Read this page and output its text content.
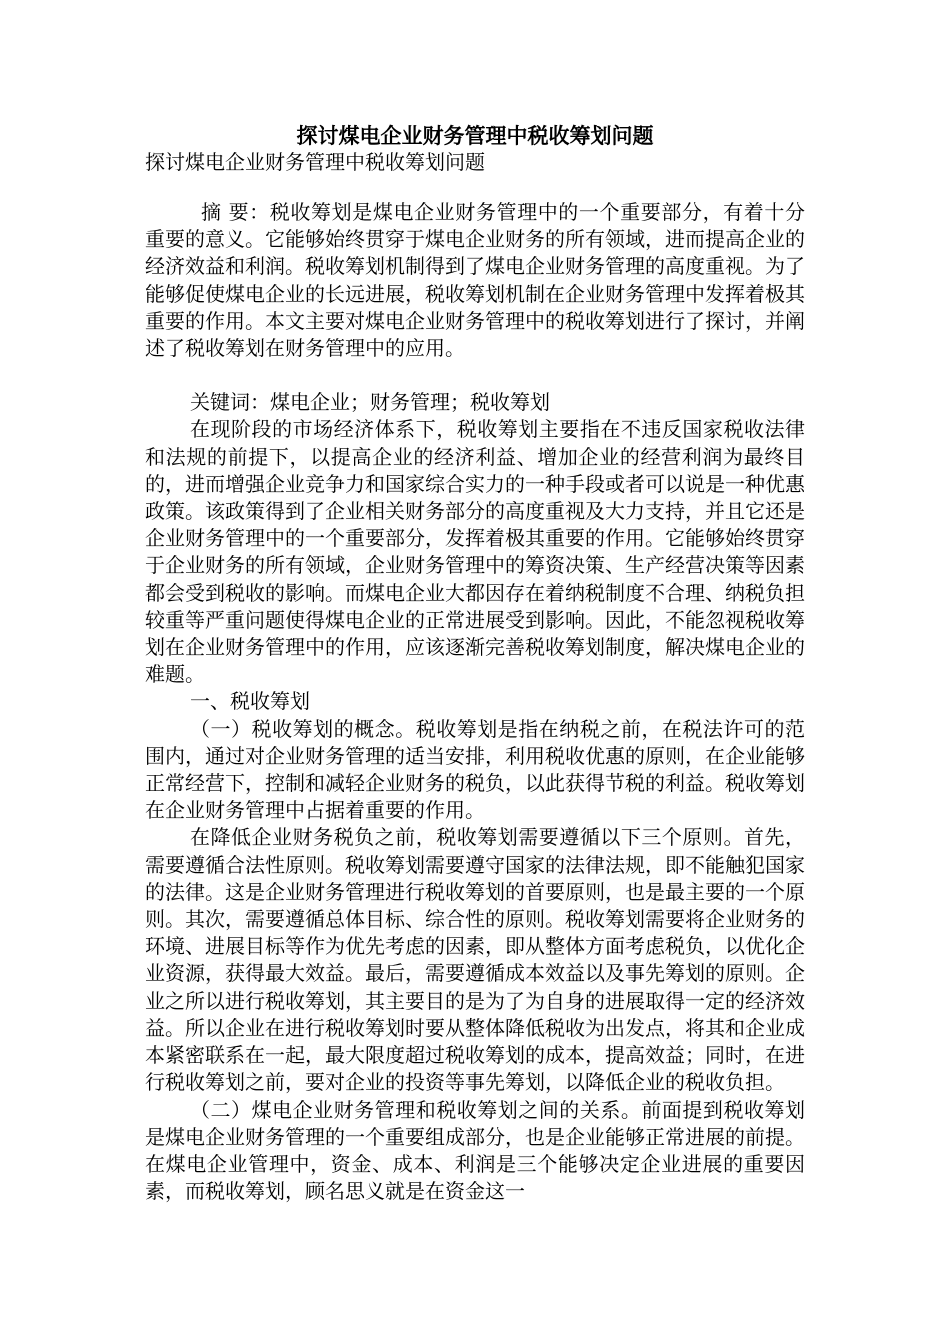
探讨煤电企业财务管理中税收筹划问题
探讨煤电企业财务管理中税收筹划问题

摘 要：税收筹划是煤电企业财务管理中的一个重要部分，有着十分重要的意义。它能够始终贯穿于煤电企业财务的所有领域，进而提高企业的经济效益和利润。税收筹划机制得到了煤电企业财务管理的高度重视。为了能够促使煤电企业的长远进展，税收筹划机制在企业财务管理中发挥着极其重要的作用。本文主要对煤电企业财务管理中的税收筹划进行了探讨，并阐述了税收筹划在财务管理中的应用。

关键词：煤电企业；财务管理；税收筹划

在现阶段的市场经济体系下，税收筹划主要指在不违反国家税收法律和法规的前提下，以提高企业的经济利益、增加企业的经营利润为最终目的，进而增强企业竞争力和国家综合实力的一种手段或者可以说是一种优惠政策。该政策得到了企业相关财务部分的高度重视及大力支持，并且它还是企业财务管理中的一个重要部分，发挥着极其重要的作用。它能够始终贯穿于企业财务的所有领域，企业财务管理中的筹资决策、生产经营决策等因素都会受到税收的影响。而煤电企业大都因存在着纳税制度不合理、纳税负担较重等严重问题使得煤电企业的正常进展受到影响。因此，不能忽视税收筹划在企业财务管理中的作用，应该逐渐完善税收筹划制度，解决煤电企业的难题。

一、税收筹划

（一）税收筹划的概念。税收筹划是指在纳税之前，在税法许可的范围内，通过对企业财务管理的适当安排，利用税收优惠的原则，在企业能够正常经营下，控制和减轻企业财务的税负，以此获得节税的利益。税收筹划在企业财务管理中占据着重要的作用。

在降低企业财务税负之前，税收筹划需要遵循以下三个原则。首先，需要遵循合法性原则。税收筹划需要遵守国家的法律法规，即不能触犯国家的法律。这是企业财务管理进行税收筹划的首要原则，也是最主要的一个原则。其次，需要遵循总体目标、综合性的原则。税收筹划需要将企业财务的环境、进展目标等作为优先考虑的因素，即从整体方面考虑税负，以优化企业资源，获得最大效益。最后，需要遵循成本效益以及事先筹划的原则。企业之所以进行税收筹划，其主要目的是为了为自身的进展取得一定的经济效益。所以企业在进行税收筹划时要从整体降低税收为出发点，将其和企业成本紧密联系在一起，最大限度超过税收筹划的成本，提高效益；同时，在进行税收筹划之前，要对企业的投资等事先筹划，以降低企业的税收负担。

（二）煤电企业财务管理和税收筹划之间的关系。前面提到税收筹划是煤电企业财务管理的一个重要组成部分，也是企业能够正常进展的前提。在煤电企业管理中，资金、成本、利润是三个能够决定企业进展的重要因素，而税收筹划，顾名思义就是在资金这一
